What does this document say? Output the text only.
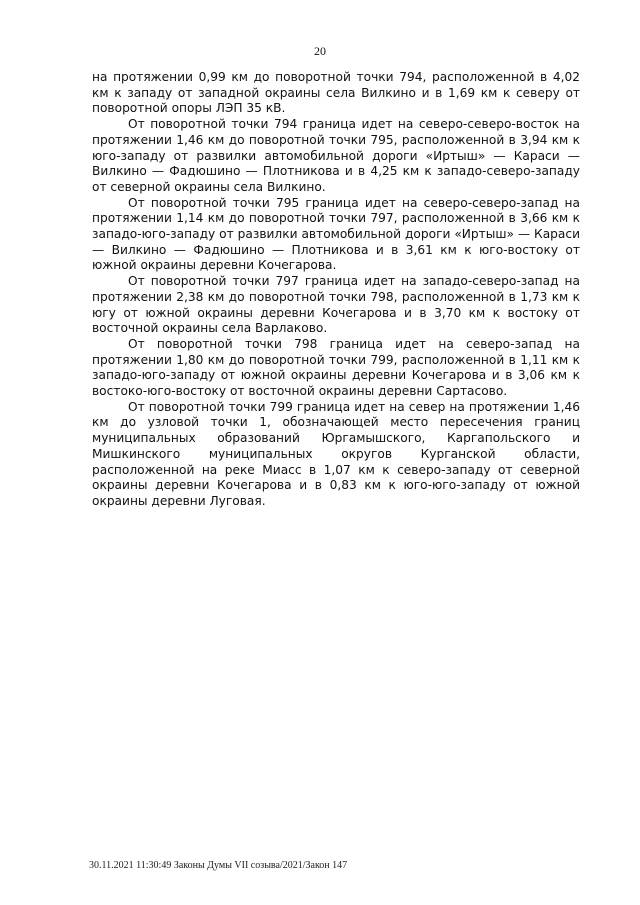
20

на протяжении 0,99 км до поворотной точки 794, расположенной в 4,02 км к западу от западной окраины села Вилкино и в 1,69 км к северу от поворотной опоры ЛЭП 35 кВ.

От поворотной точки 794 граница идет на северо-северо-восток на протяжении 1,46 км до поворотной точки 795, расположенной в 3,94 км к юго-западу от развилки автомобильной дороги «Иртыш» — Караси — Вилкино — Фадюшино — Плотникова и в 4,25 км к западо-северо-западу от северной окраины села Вилкино.

От поворотной точки 795 граница идет на северо-северо-запад на протяжении 1,14 км до поворотной точки 797, расположенной в 3,66 км к западо-юго-западу от развилки автомобильной дороги «Иртыш» — Караси — Вилкино — Фадюшино — Плотникова и в 3,61 км к юго-востоку от южной окраины деревни Кочегарова.

От поворотной точки 797 граница идет на западо-северо-запад на протяжении 2,38 км до поворотной точки 798, расположенной в 1,73 км к югу от южной окраины деревни Кочегарова и в 3,70 км к востоку от восточной окраины села Варлаково.

От поворотной точки 798 граница идет на северо-запад на протяжении 1,80 км до поворотной точки 799, расположенной в 1,11 км к западо-юго-западу от южной окраины деревни Кочегарова и в 3,06 км к востоко-юго-востоку от восточной окраины деревни Сартасово.

От поворотной точки 799 граница идет на север на протяжении 1,46 км до узловой точки 1, обозначающей место пересечения границ муниципальных образований Юргамышского, Каргапольского и Мишкинского муниципальных округов Курганской области, расположенной на реке Миасс в 1,07 км к северо-западу от северной окраины деревни Кочегарова и в 0,83 км к юго-юго-западу от южной окраины деревни Луговая.

30.11.2021 11:30:49 Законы Думы VII созыва/2021/Закон 147
